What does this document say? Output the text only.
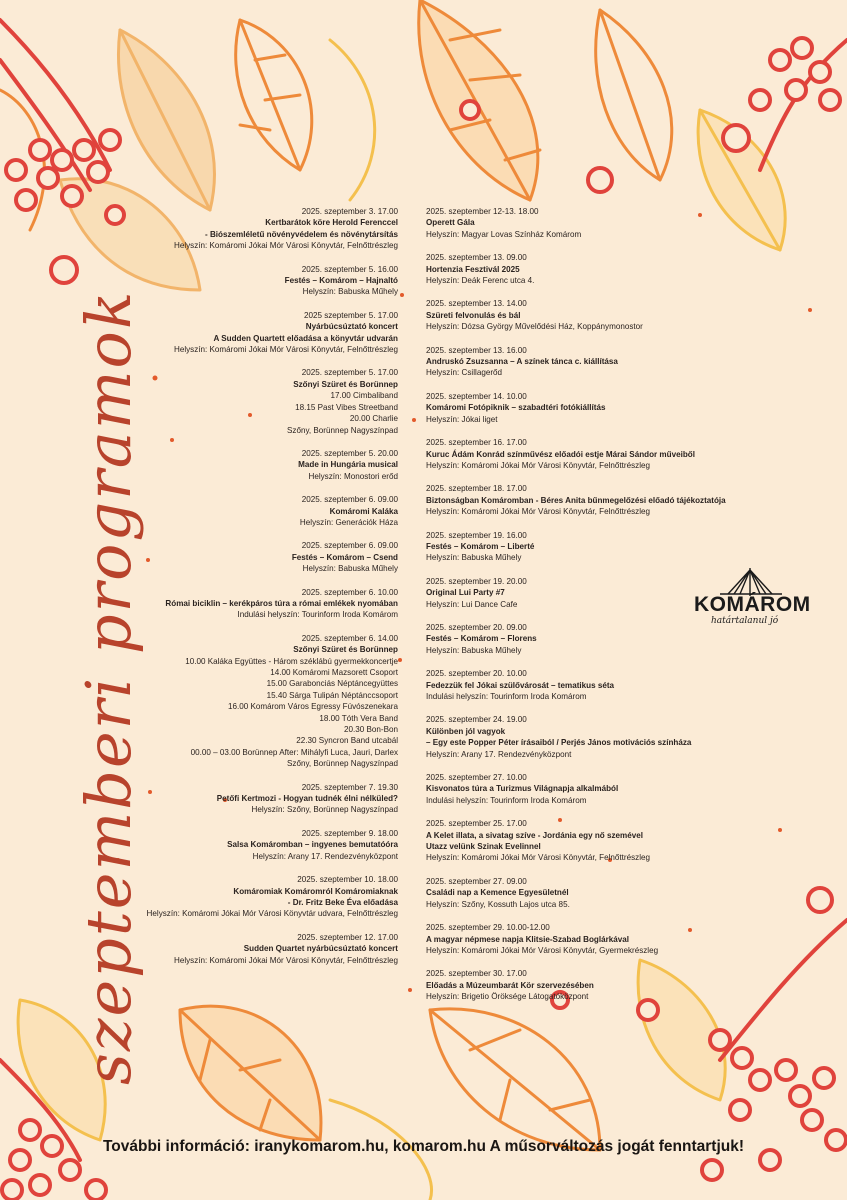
szeptemberi programok
2025. szeptember 3. 17.00
Kertbarátok köre Herold Ferenccel
- Biószemléletű növényvédelem és növénytársítás
Helyszín: Komáromi Jókai Mór Városi Könyvtár, Felnőttrészleg
2025. szeptember 5. 16.00
Festés – Komárom – Hajnaltó
Helyszín: Babuska Műhely
2025 szeptember 5. 17.00
Nyárbúcsúztató koncert
A Sudden Quartett előadása a könyvtár udvarán
Helyszín: Komáromi Jókai Mór Városi Könyvtár, Felnőttrészleg
2025. szeptember 5. 17.00
Szőnyi Szüret és Borünnep
17.00 Cimbaliband
18.15 Past Vibes Streetband
20.00 Charlie
Szőny, Borünnep Nagyszínpad
2025. szeptember 5. 20.00
Made in Hungária musical
Helyszín: Monostori erőd
2025. szeptember 6. 09.00
Komáromi Kaláka
Helyszín: Generációk Háza
2025. szeptember 6. 09.00
Festés – Komárom – Csend
Helyszín: Babuska Műhely
2025. szeptember 6. 10.00
Római biciklin – kerékpáros túra a római emlékek nyomában
Indulási helyszín: Tourinform Iroda Komárom
2025. szeptember 6. 14.00
Szőnyi Szüret és Borünnep
10.00 Kaláka Együttes - Három széklábú gyermekkoncertje
14.00 Komáromi Mazsorett Csoport
15.00 Garabonciás Néptáncegyüttes
15.40 Sárga Tulipán Néptánccsoport
16.00 Komárom Város Egressy Fúvószenekara
18.00 Tóth Vera Band
20.30 Bon-Bon
22.30 Syncron Band utcabál
00.00 – 03.00 Borünnep After: Mihályfi Luca, Jauri, Darlex
Szőny, Borünnep Nagyszínpad
2025. szeptember 7. 19.30
Petőfi Kertmozi - Hogyan tudnék élni nélküled?
Helyszín: Szőny, Borünnep Nagyszínpad
2025. szeptember 9. 18.00
Salsa Komáromban – ingyenes bemutatóóra
Helyszín: Arany 17. Rendezvényközpont
2025. szeptember 10. 18.00
Komáromiak Komáromról Komáromiaknak
- Dr. Fritz Beke Éva előadása
Helyszín: Komáromi Jókai Mór Városi Könyvtár udvara, Felnőttrészleg
2025. szeptember 12. 17.00
Sudden Quartet nyárbúcsúztató koncert
Helyszín: Komáromi Jókai Mór Városi Könyvtár, Felnőttrészleg
2025. szeptember 12-13. 18.00
Operett Gála
Helyszín: Magyar Lovas Színház Komárom
2025. szeptember 13. 09.00
Hortenzia Fesztivál 2025
Helyszín: Deák Ferenc utca 4.
2025. szeptember 13. 14.00
Szüreti felvonulás és bál
Helyszín: Dózsa György Művelődési Ház, Koppánymonostor
2025. szeptember 13. 16.00
Andruskó Zsuzsanna – A színek tánca c. kiállítása
Helyszín: Csillagerőd
2025. szeptember 14. 10.00
Komáromi Fotópiknik – szabadtéri fotókiállítás
Helyszín: Jókai liget
2025. szeptember 16. 17.00
Kuruc Ádám Konrád színművész előadói estje Márai Sándor műveiből
Helyszín: Komáromi Jókai Mór Városi Könyvtár, Felnőttrészleg
2025. szeptember 18. 17.00
Biztonságban Komáromban - Béres Anita bűnmegelőzési előadó tájékoztatója
Helyszín: Komáromi Jókai Mór Városi Könyvtár, Felnőttrészleg
2025. szeptember 19. 16.00
Festés – Komárom – Liberté
Helyszín: Babuska Műhely
2025. szeptember 19. 20.00
Original Lui Party #7
Helyszín: Lui Dance Cafe
2025. szeptember 20. 09.00
Festés – Komárom – Florens
Helyszín: Babuska Műhely
2025. szeptember 20. 10.00
Fedezzük fel Jókai szülővárosát – tematikus séta
Indulási helyszín: Tourinform Iroda Komárom
2025. szeptember 24. 19.00
Különben jól vagyok
– Egy este Popper Péter írásaiból / Perjés János motivációs színháza
Helyszín: Arany 17. Rendezvényközpont
2025. szeptember 27. 10.00
Kisvonatos túra a Turizmus Világnapja alkalmából
Indulási helyszín: Tourinform Iroda Komárom
2025. szeptember 25. 17.00
A Kelet illata, a sivatag szíve - Jordánia egy nő szemével
Utazz velünk Szinak Evelinnel
Helyszín: Komáromi Jókai Mór Városi Könyvtár, Felnőttrészleg
2025. szeptember 27. 09.00
Családi nap a Kemence Egyesületnél
Helyszín: Szőny, Kossuth Lajos utca 85.
2025. szeptember 29. 10.00-12.00
A magyar népmese napja Klitsie-Szabad Boglárkával
Helyszín: Komáromi Jókai Mór Városi Könyvtár, Gyermekrészleg
2025. szeptember 30. 17.00
Előadás a Múzeumbarát Kör szervezésében
Helyszín: Brigetio Öröksége Látogatóközpont
KOMÁROM
határtalanul jó
További információ: iranykomarom.hu, komarom.hu A műsorváltozás jogát fenntartjuk!
